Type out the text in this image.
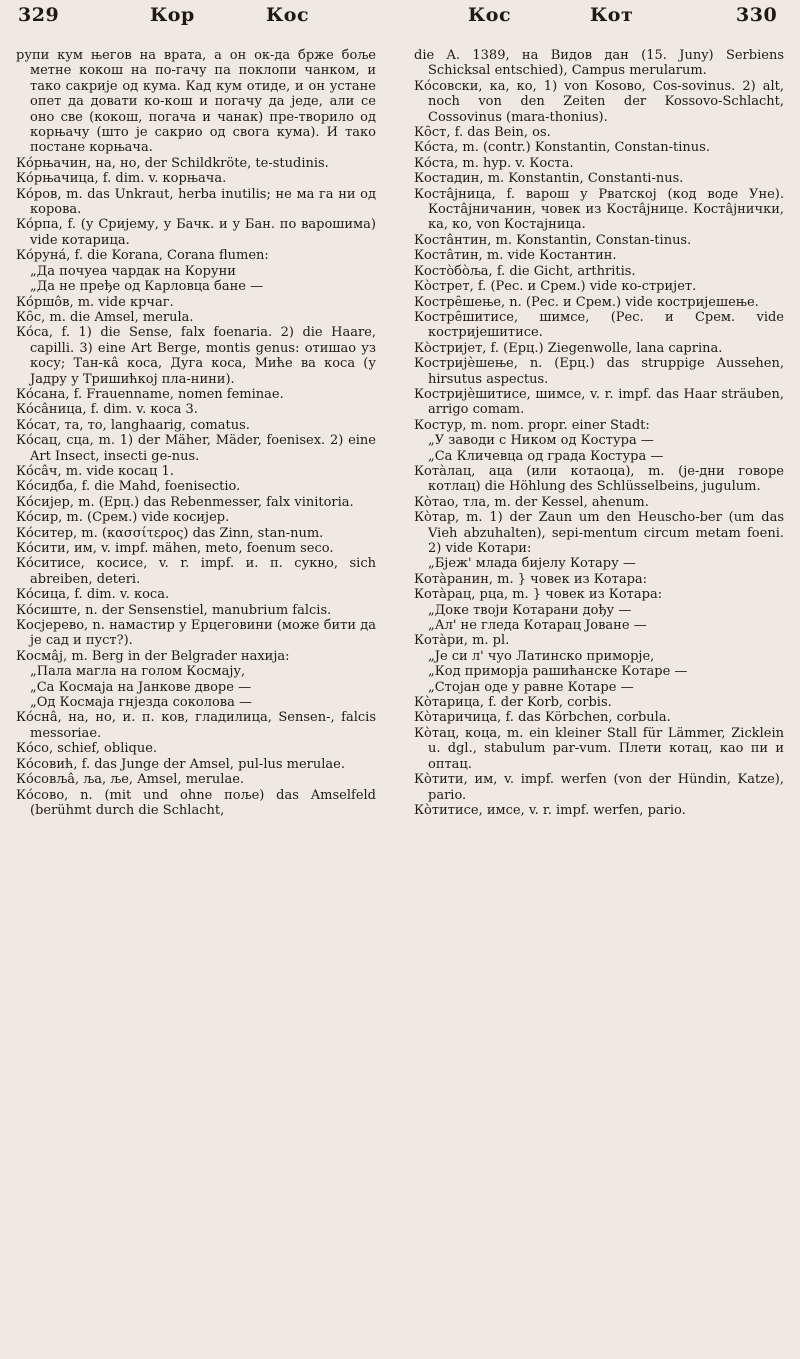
329	Кор	Кос	Кос	Кот	330

рупи кум његов на врата, а он ок-да брже боље метне кокош на по-гачу па поклопи чанком, и тако сакрије од кума. Кад кум отиде, и он устане опет да довати ко-кош и погачу да једе, али се оно све (кокош, погача и чанак) пре-творило од корњачу (што је сакрио од свога кума). И тако постане корњача.

Ко́рњачин, на, но, der Schildkröte, te-studinis.

Ко́рњачица, f. dim. v. корњача.

Ко́ров, m. das Unkraut, herba inutilis; не ма га ни од корова.

Ко́рпа, f. (у Сријему, у Бачк. и у Бан. по варошима) vide котарица.

Ко́руна́, f. die Korana, Corana flumen:

„Да почуеа чардак на Коруни

„Да не пређе од Карловца бане —

Ко́ршо̂в, m. vide крчаг.

Ко̑с, m. die Amsel, merula.

Ко́са, f. 1) die Sense, falx foenaria. 2) die Haare, capilli. 3) eine Art Berge, montis genus: отишао уз косу; Тан-ка̂ коса, Дуга коса, Миће ва коса (у Јадру у Тришићкој пла-нини).

Ко́сана, f. Frauenname, nomen feminae.

Ко́са̂ница, f. dim. v. коса 3.

Ко́сат, та, то, langhaarig, comatus.

Ко́сац, сца, m. 1) der Mäher, Mäder, foenisex. 2) eine Art Insect, insecti ge-nus.

Ко́са̂ч, m. vide косац 1.

Ко́сидба, f. die Mahd, foenisectio.

Ко́сијер, m. (Ерц.) das Rebenmesser, falx vinitoria.

Ко́сир, m. (Срем.) vide косијер.

Ко́ситер, m. (κασσίτερος) das Zinn, stan-num.

Ко́сити, им, v. impf. mähen, meto, foenum seco.

Ко́ситисе, косисе, v. r. impf. и. п. сукно, sich abreiben, deteri.

Ко́сица, f. dim. v. коса.

Ко́сиште, n. der Sensenstiel, manubrium falcis.

Косјерево, n. намастир у Ерцеговини (може бити да је сад и пуст?).

Косма̂ј, m. Berg in der Belgrader нахија:

„Пала магла на голом Космају,

„Са Космаја на Јанкове дворе —

„Од Космаја гнјездa соколова —

Ко́сна̂, на, но, и. п. ков, гладилица, Sensen-, falcis messoriae.

Ко́со, schief, oblique.

Ко́совић, f. das Junge der Amsel, pul-lus merulae.

Ко́совља̂, ља, ље, Amsel, merulae.

Ко́сово, n. (mit und ohne поље) das Amselfeld (berühmt durch die Schlacht,

die A. 1389, на Видов дан (15. Juny) Serbiens Schicksal entschied), Campus merularum.

Ко́совски, ка, ко, 1) von Kosово, Cos-sovinus. 2) alt, noch von den Zeiten der Kossovo-Schlacht, Cossovinus (mara-thonius).

Ко̑ст, f. das Bein, os.

Ко́ста, m. (contr.) Konstantin, Constan-tinus.

Ко́ста, m. hyp. v. Коста.

Костадин, m. Konstantin, Constanti-nus.

Коста̂јница, f. варош у Рватској (код воде Уне). Коста̂јничанин, човек из Коста̂јнице. Коста̂јнички, ка, ко, von Костајница.

Коста̂нтин, m. Konstantin, Constan-tinus.

Коста̂тин, m. vide Костантин.

Косто̀бо̀ља, f. die Gicht, arthritis.

Ко̀стрет, f. (Рес. и Срем.) vide ко-стријет.

Костре̑шење, n. (Рес. и Срем.) vide костријешење.

Костре̑шитисе, шимсе, (Рес. и Срем. vide костријешитисе.

Ко̀стријет, f. (Ерц.) Ziegenwolle, lana caprina.

Костријѐшење, n. (Ерц.) das struppige Aussehen, hirsutus aspectus.

Костријѐшитисе, шимсе, v. r. impf. das Haar sträuben, arrigo comam.

Костур, m. nom. propr. einer Stadt:

„У заводи с Ником од Костура —

„Са Кличевца од града Костура —

Кота̀лац, аца (или котаоца), m. (је-дни говоре котлац) die Höhlung des Schlüsselbeins, jugulum.

Ко̀тао, тла, m. der Kessel, ahenum.

Ко̀тар, m. 1) der Zaun um den Heuscho-ber (um das Vieh abzuhalten), sepi-mentum circum metam foeni. 2) vide Котари:

„Бјеж' млада бијелу Котару —

Кота̀ранин, m. } човек из Котара:

Кота̀рац, рца, m. } човек из Котара:

„Доке твоји Котарани дођу —

„Ал' не гледа Котарац Јоване —

Кота̀ри, m. pl.

„Је си л' чуо Латинско приморје,

„Код приморја рашићанске Котаре —

„Стојан оде у равне Котаре —

Ко̀тарица, f. der Korb, corbis.

Ко̀таричица, f. das Körbchen, corbula.

Ко̀тац, коца, m. ein kleiner Stall für Lämmer, Zicklein u. dgl., stabulum par-vum. Плети котац, као пи и оптац.

Ко̀тити, им, v. impf. werfen (von der Hündin, Katze), pario.

Ко̀титисе, имсе, v. r. impf. werfen, pario.
